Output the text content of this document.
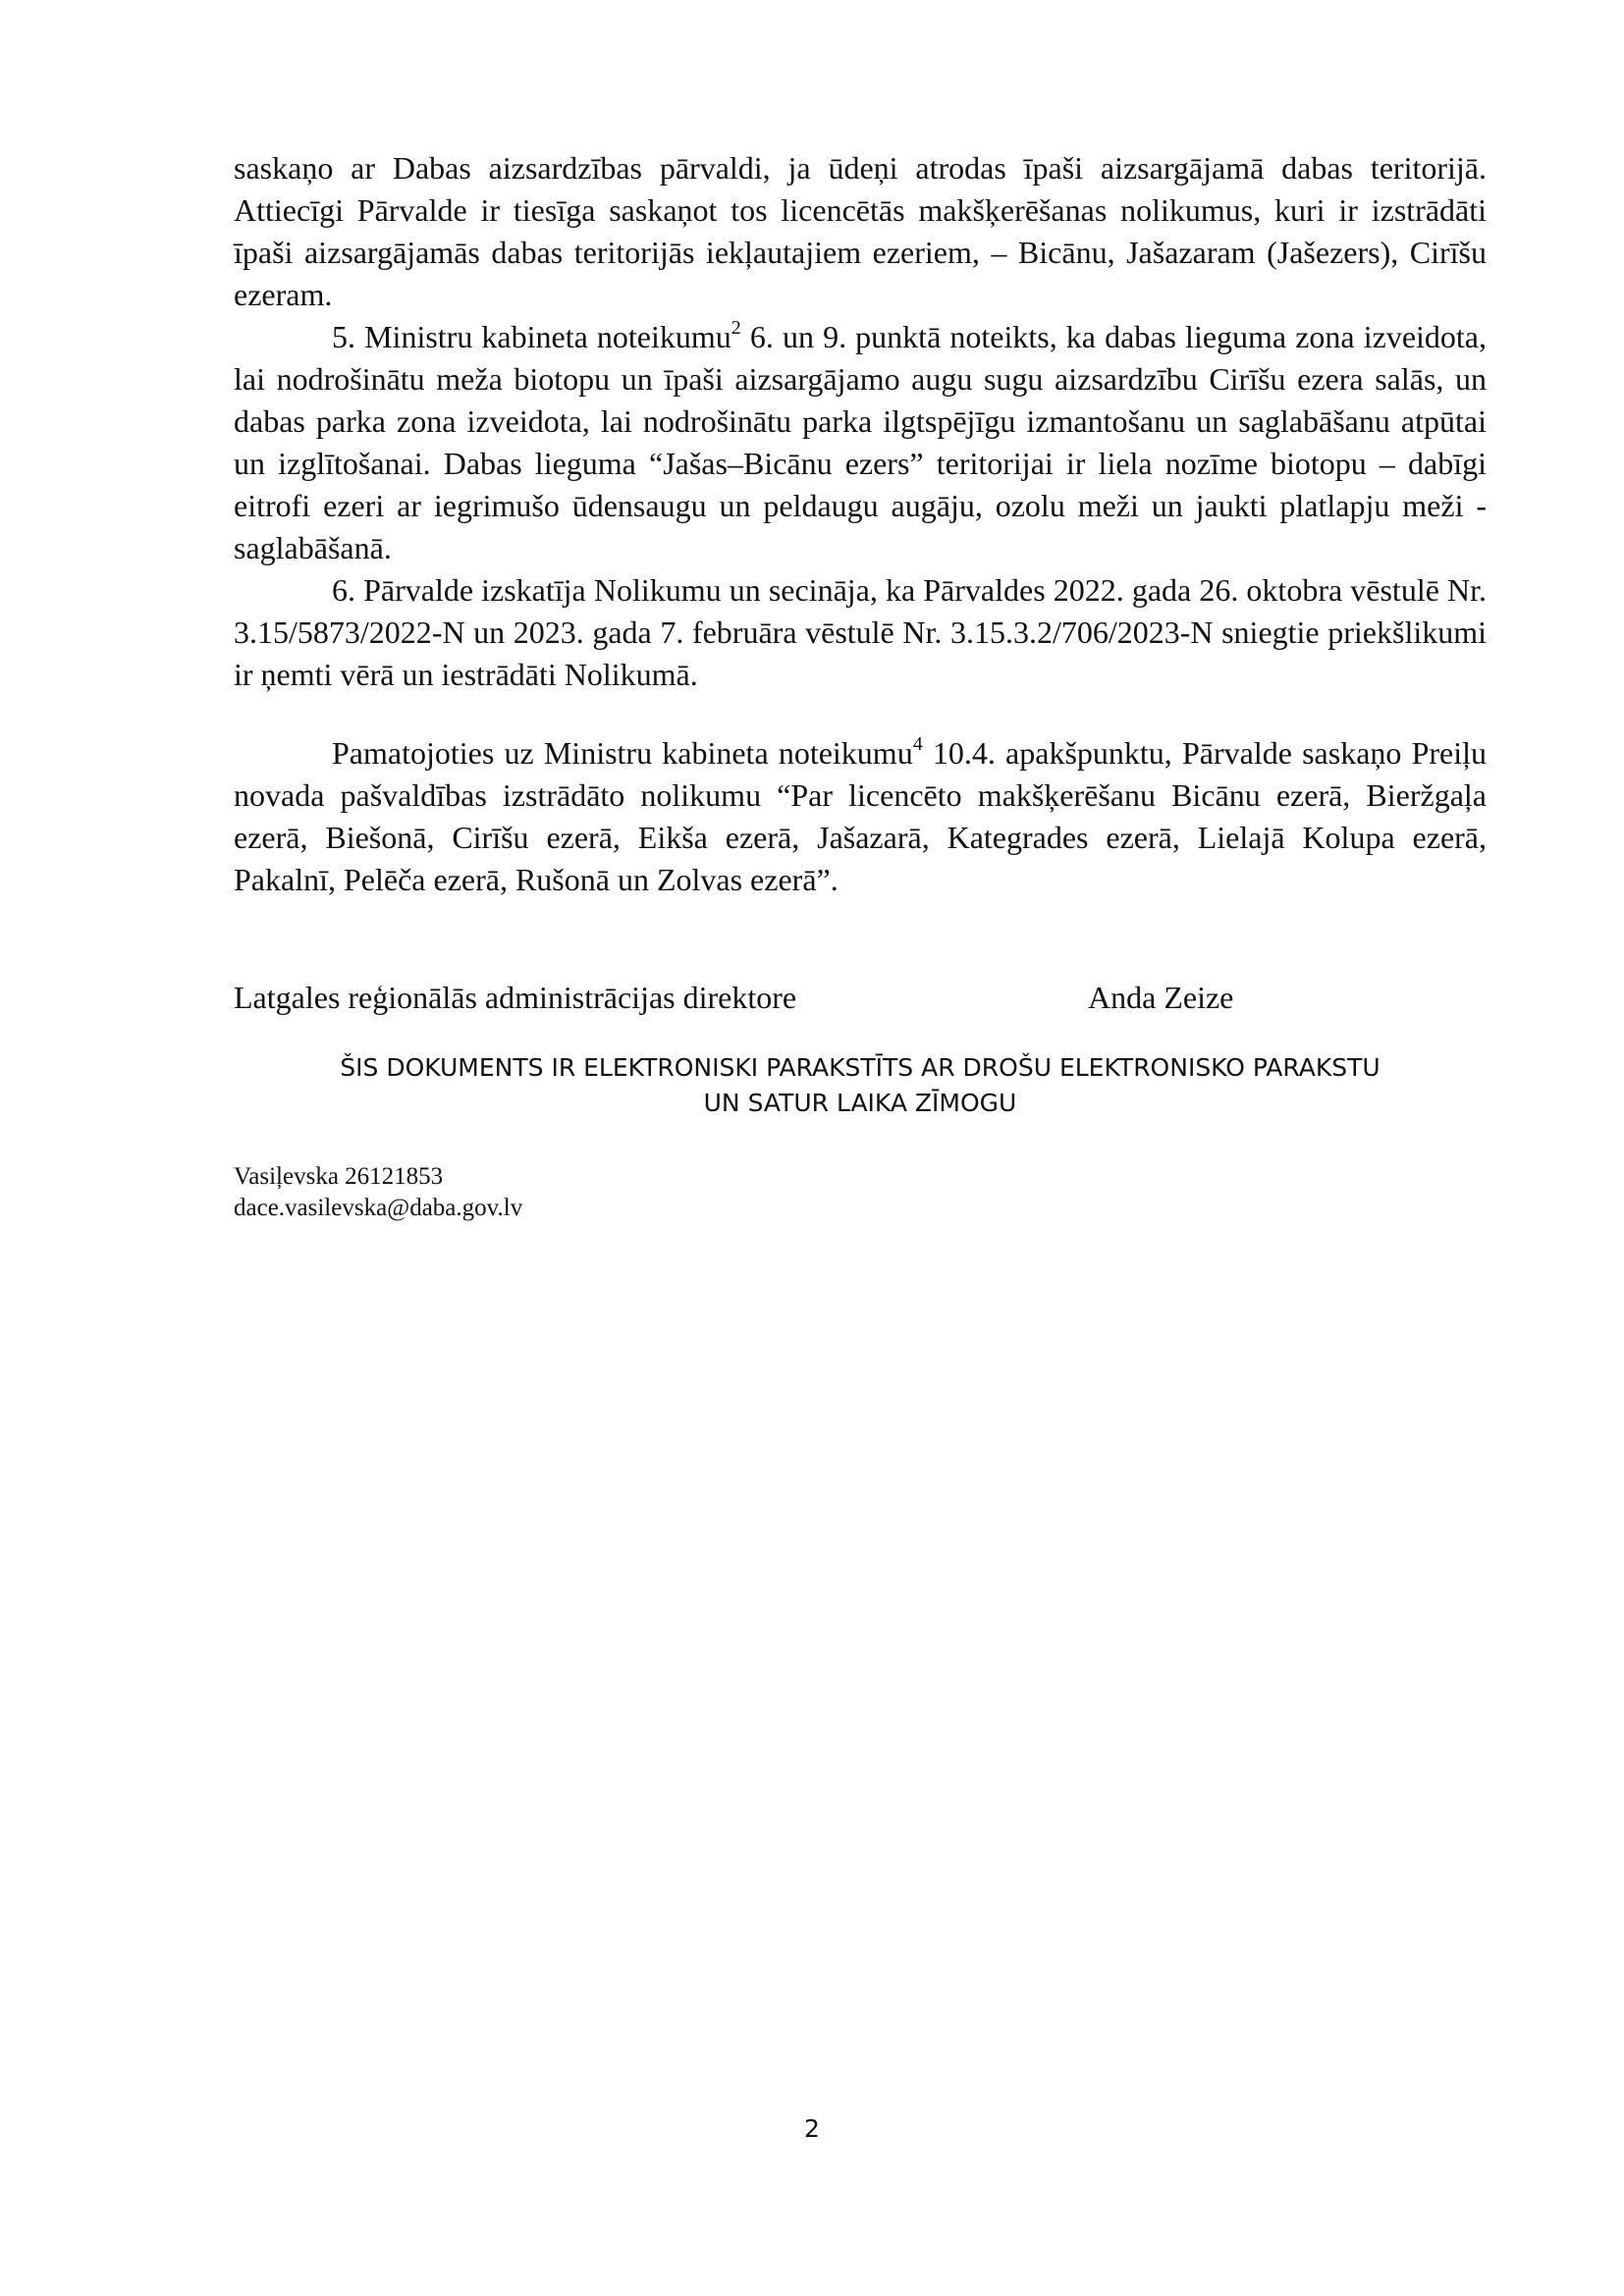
saskaņo ar Dabas aizsardzības pārvaldi, ja ūdeņi atrodas īpaši aizsargājamā dabas teritorijā. Attiecīgi Pārvalde ir tiesīga saskaņot tos licencētās makšķerēšanas nolikumus, kuri ir izstrādāti īpaši aizsargājamās dabas teritorijās iekļautajiem ezeriem, – Bicānu, Jašazaram (Jašezers), Cirīšu ezeram.

5. Ministru kabineta noteikumu$^2$ 6. un 9. punktā noteikts, ka dabas lieguma zona izveidota, lai nodrošinātu meža biotopu un īpaši aizsargājamo augu sugu aizsardzību Cirīšu ezera salās, un dabas parka zona izveidota, lai nodrošinātu parka ilgtspējīgu izmantošanu un saglabāšanu atpūtai un izglītošanai. Dabas lieguma “Jašas–Bicānu ezers” teritorijai ir liela nozīme biotopu – dabīgi eitrofi ezeri ar iegrimušo ūdensaugu un peldaugu augāju, ozolu meži un jaukti platlapju meži - saglabāšanā.

6. Pārvalde izskatīja Nolikumu un secināja, ka Pārvaldes 2022. gada 26. oktobra vēstulē Nr. 3.15/5873/2022-N un 2023. gada 7. februāra vēstulē Nr. 3.15.3.2/706/2023-N sniegtie priekšlikumi ir ņemti vērā un iestrādāti Nolikumā.

Pamatojoties uz Ministru kabineta noteikumu$^4$ 10.4. apakšpunktu, Pārvalde saskaņo Preiļu novada pašvaldības izstrādāto nolikumu “Par licencēto makšķerēšanu Bicānu ezerā, Bieržgaļa ezerā, Biešonā, Cirīšu ezerā, Eikša ezerā, Jašazarā, Kategrades ezerā, Lielajā Kolupa ezerā, Pakalnī, Pelēča ezerā, Rušonā un Zolvas ezerā”.

Latgales reģionālās administrācijas direktore	Anda Zeize
ŠIS DOKUMENTS IR ELEKTRONISKI PARAKSTĪTS AR DROŠU ELEKTRONISKO PARAKSTU
UN SATUR LAIKA ZĪMOGU
Vasiļevska 26121853
dace.vasilevska@daba.gov.lv
2
